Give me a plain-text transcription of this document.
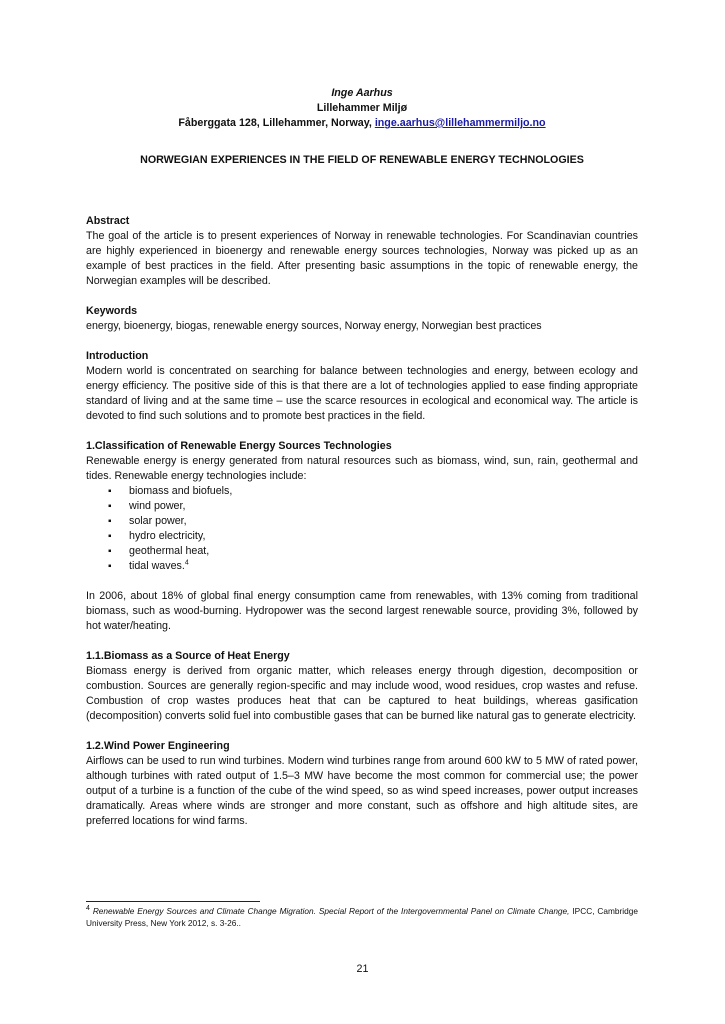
Inge Aarhus
Lillehammer Miljø
Fåberggata 128, Lillehammer, Norway, inge.aarhus@lillehammermiljo.no
NORWEGIAN EXPERIENCES IN THE FIELD OF RENEWABLE ENERGY TECHNOLOGIES
Abstract

The goal of the article is to present experiences of Norway in renewable technologies. For Scandinavian countries are highly experienced in bioenergy and renewable energy sources technologies, Norway was picked up as an example of best practices in the field. After presenting basic assumptions in the topic of renewable energy, the Norwegian examples will be described.

Keywords

energy, bioenergy, biogas, renewable energy sources, Norway energy, Norwegian best practices

Introduction

Modern world is concentrated on searching for balance between technologies and energy, between ecology and energy efficiency. The positive side of this is that there are a lot of technologies applied to ease finding appropriate standard of living and at the same time – use the scarce resources in ecological and economical way. The article is devoted to find such solutions and to promote best practices in the field.

1.Classification of Renewable Energy Sources Technologies

Renewable energy is energy generated from natural resources such as biomass, wind, sun, rain, geothermal and tides. Renewable energy technologies include:

▪ biomass and biofuels,
▪ wind power,
▪ solar power,
▪ hydro electricity,
▪ geothermal heat,
▪ tidal waves.$^4$

In 2006, about 18% of global final energy consumption came from renewables, with 13% coming from traditional biomass, such as wood-burning. Hydropower was the second largest renewable source, providing 3%, followed by hot water/heating.

1.1.Biomass as a Source of Heat Energy

Biomass energy is derived from organic matter, which releases energy through digestion, decomposition or combustion. Sources are generally region-specific and may include wood, wood residues, crop wastes and refuse. Combustion of crop wastes produces heat that can be captured to heat buildings, whereas gasification (decomposition) converts solid fuel into combustible gases that can be burned like natural gas to generate electricity.

1.2.Wind Power Engineering

Airflows can be used to run wind turbines. Modern wind turbines range from around 600 kW to 5 MW of rated power, although turbines with rated output of 1.5–3 MW have become the most common for commercial use; the power output of a turbine is a function of the cube of the wind speed, so as wind speed increases, power output increases dramatically. Areas where winds are stronger and more constant, such as offshore and high altitude sites, are preferred locations for wind farms.

$^4$ Renewable Energy Sources and Climate Change Migration. Special Report of the Intergovernmental Panel on Climate Change, IPCC, Cambridge University Press, New York 2012, s. 3-26..
21
